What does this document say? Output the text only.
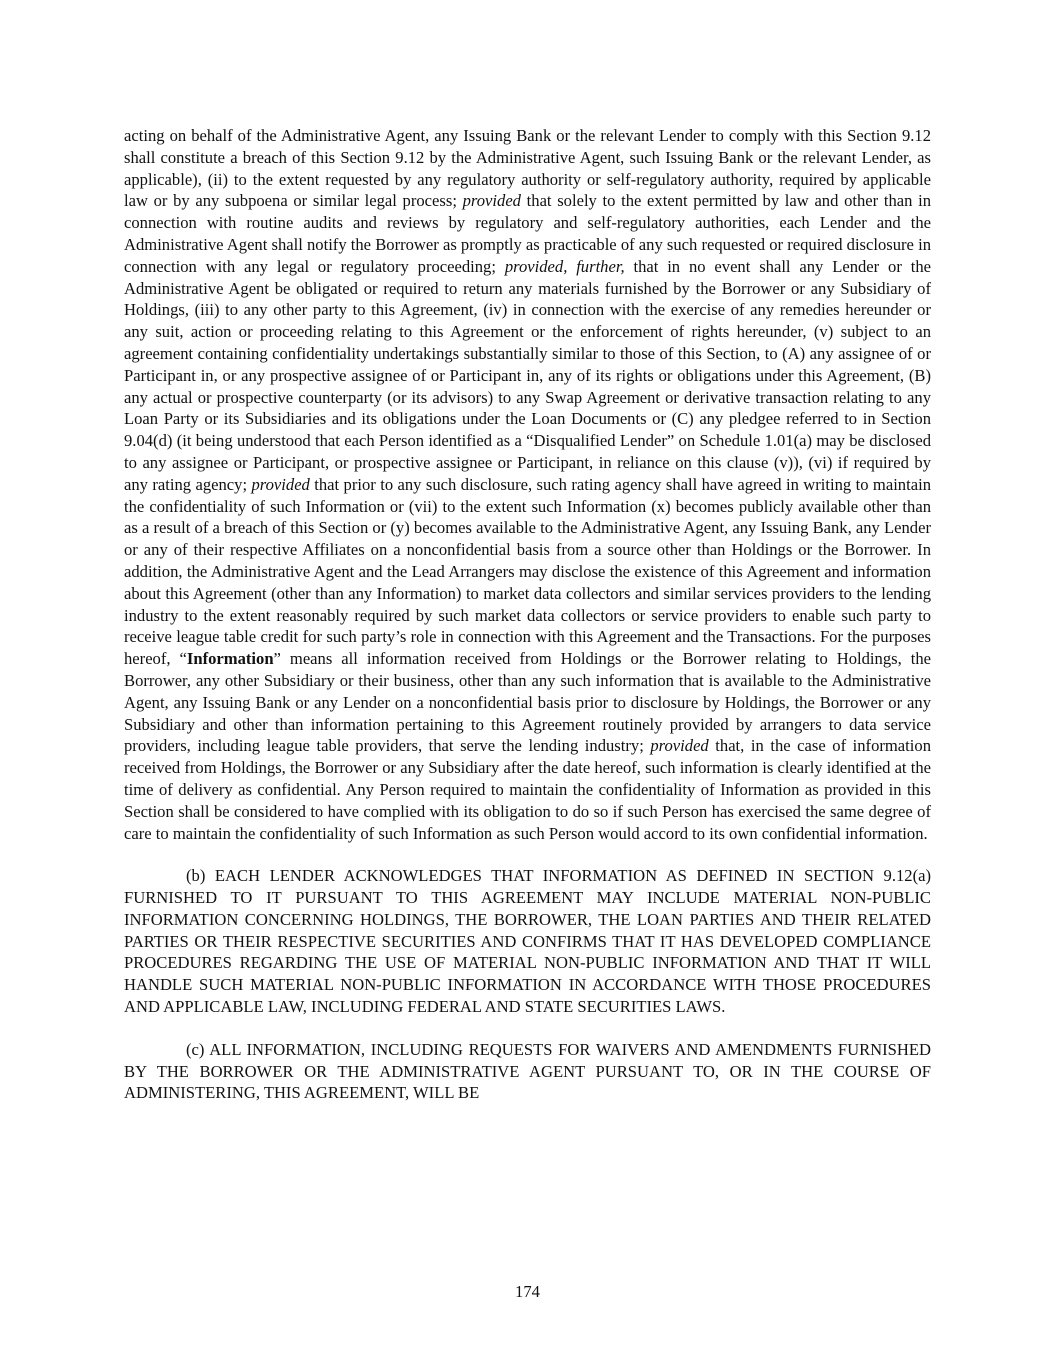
acting on behalf of the Administrative Agent, any Issuing Bank or the relevant Lender to comply with this Section 9.12 shall constitute a breach of this Section 9.12 by the Administrative Agent, such Issuing Bank or the relevant Lender, as applicable), (ii) to the extent requested by any regulatory authority or self-regulatory authority, required by applicable law or by any subpoena or similar legal process; provided that solely to the extent permitted by law and other than in connection with routine audits and reviews by regulatory and self-regulatory authorities, each Lender and the Administrative Agent shall notify the Borrower as promptly as practicable of any such requested or required disclosure in connection with any legal or regulatory proceeding; provided, further, that in no event shall any Lender or the Administrative Agent be obligated or required to return any materials furnished by the Borrower or any Subsidiary of Holdings, (iii) to any other party to this Agreement, (iv) in connection with the exercise of any remedies hereunder or any suit, action or proceeding relating to this Agreement or the enforcement of rights hereunder, (v) subject to an agreement containing confidentiality undertakings substantially similar to those of this Section, to (A) any assignee of or Participant in, or any prospective assignee of or Participant in, any of its rights or obligations under this Agreement, (B) any actual or prospective counterparty (or its advisors) to any Swap Agreement or derivative transaction relating to any Loan Party or its Subsidiaries and its obligations under the Loan Documents or (C) any pledgee referred to in Section 9.04(d) (it being understood that each Person identified as a “Disqualified Lender” on Schedule 1.01(a) may be disclosed to any assignee or Participant, or prospective assignee or Participant, in reliance on this clause (v)), (vi) if required by any rating agency; provided that prior to any such disclosure, such rating agency shall have agreed in writing to maintain the confidentiality of such Information or (vii) to the extent such Information (x) becomes publicly available other than as a result of a breach of this Section or (y) becomes available to the Administrative Agent, any Issuing Bank, any Lender or any of their respective Affiliates on a nonconfidential basis from a source other than Holdings or the Borrower. In addition, the Administrative Agent and the Lead Arrangers may disclose the existence of this Agreement and information about this Agreement (other than any Information) to market data collectors and similar services providers to the lending industry to the extent reasonably required by such market data collectors or service providers to enable such party to receive league table credit for such party’s role in connection with this Agreement and the Transactions. For the purposes hereof, “Information” means all information received from Holdings or the Borrower relating to Holdings, the Borrower, any other Subsidiary or their business, other than any such information that is available to the Administrative Agent, any Issuing Bank or any Lender on a nonconfidential basis prior to disclosure by Holdings, the Borrower or any Subsidiary and other than information pertaining to this Agreement routinely provided by arrangers to data service providers, including league table providers, that serve the lending industry; provided that, in the case of information received from Holdings, the Borrower or any Subsidiary after the date hereof, such information is clearly identified at the time of delivery as confidential. Any Person required to maintain the confidentiality of Information as provided in this Section shall be considered to have complied with its obligation to do so if such Person has exercised the same degree of care to maintain the confidentiality of such Information as such Person would accord to its own confidential information.

(b) EACH LENDER ACKNOWLEDGES THAT INFORMATION AS DEFINED IN SECTION 9.12(a) FURNISHED TO IT PURSUANT TO THIS AGREEMENT MAY INCLUDE MATERIAL NON-PUBLIC INFORMATION CONCERNING HOLDINGS, THE BORROWER, THE LOAN PARTIES AND THEIR RELATED PARTIES OR THEIR RESPECTIVE SECURITIES AND CONFIRMS THAT IT HAS DEVELOPED COMPLIANCE PROCEDURES REGARDING THE USE OF MATERIAL NON-PUBLIC INFORMATION AND THAT IT WILL HANDLE SUCH MATERIAL NON-PUBLIC INFORMATION IN ACCORDANCE WITH THOSE PROCEDURES AND APPLICABLE LAW, INCLUDING FEDERAL AND STATE SECURITIES LAWS.

(c) ALL INFORMATION, INCLUDING REQUESTS FOR WAIVERS AND AMENDMENTS FURNISHED BY THE BORROWER OR THE ADMINISTRATIVE AGENT PURSUANT TO, OR IN THE COURSE OF ADMINISTERING, THIS AGREEMENT, WILL BE

174
